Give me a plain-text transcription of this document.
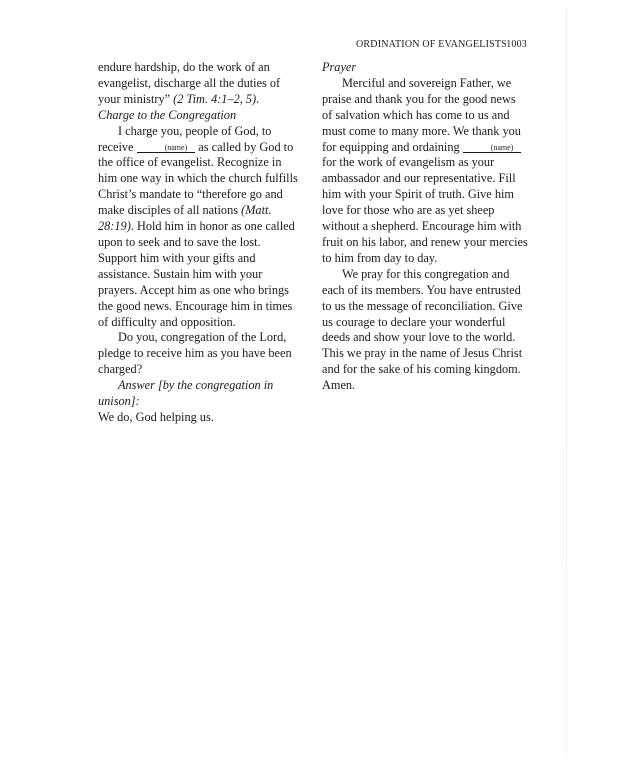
ORDINATION OF EVANGELISTS 1003

endure hardship, do the work of an evangelist, discharge all the duties of your ministry” (2 Tim. 4:1–2, 5).

Charge to the Congregation

I charge you, people of God, to receive	(name) as called by God to the office of evangelist. Recognize in him one way in which the church fulfills Christ’s mandate to “therefore go and make disciples of all nations (Matt. 28:19). Hold him in honor as one called upon to seek and to save the lost. Support him with your gifts and assistance. Sustain him with your prayers. Accept him as one who brings the good news. Encourage him in times of difficulty and opposition.

Do you, congregation of the Lord, pledge to receive him as you have been charged?

Answer [by the congregation in unison]:

We do, God helping us.

Prayer

Merciful and sovereign Father, we praise and thank you for the good news of salvation which has come to us and must come to many more. We thank you for equipping and ordaining	(name) for the work of evangelism as your ambassador and our representative. Fill him with your Spirit of truth. Give him love for those who are as yet sheep without a shepherd. Encourage him with fruit on his labor, and renew your mercies to him from day to day.

We pray for this congregation and each of its members. You have entrusted to us the message of reconciliation. Give us courage to declare your wonderful deeds and show your love to the world. This we pray in the name of Jesus Christ and for the sake of his coming kingdom. Amen.
